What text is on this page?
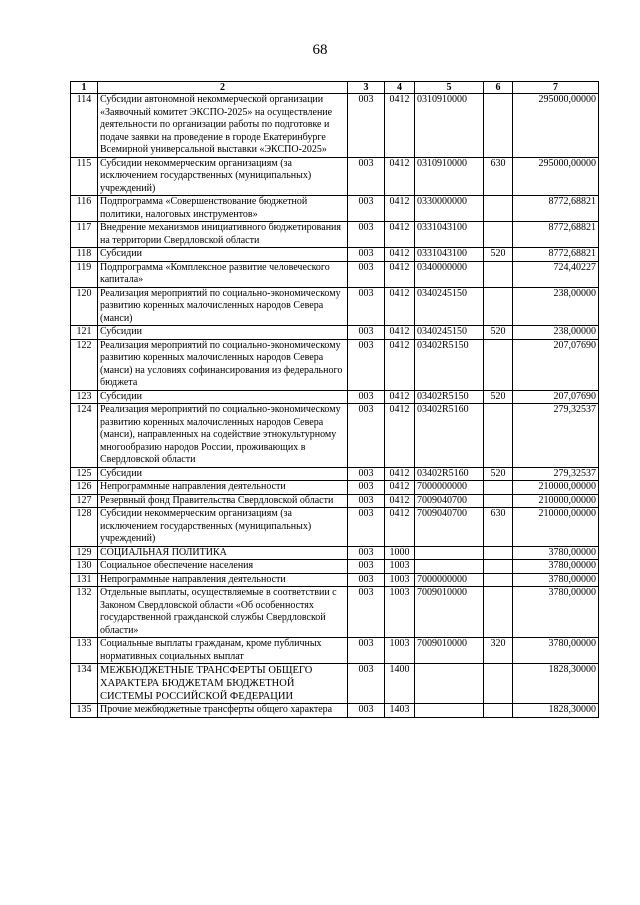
68
1	2	3	4	5	6	7
114	Субсидии автономной некоммерческой организации «Заявочный комитет ЭКСПО-2025» на осуществление деятельности по организации работы по подготовке и подаче заявки на проведение в городе Екатеринбурге Всемирной универсальной выставки «ЭКСПО-2025»	003	0412	0310910000		295000,00000
115	Субсидии некоммерческим организациям (за исключением государственных (муниципальных) учреждений)	003	0412	0310910000	630	295000,00000
116	Подпрограмма «Совершенствование бюджетной политики, налоговых инструментов»	003	0412	0330000000		8772,68821
117	Внедрение механизмов инициативного бюджетирования на территории Свердловской области	003	0412	0331043100		8772,68821
118	Субсидии	003	0412	0331043100	520	8772,68821
119	Подпрограмма «Комплексное развитие человеческого капитала»	003	0412	0340000000		724,40227
120	Реализация мероприятий по социально-экономическому развитию коренных малочисленных народов Севера (манси)	003	0412	0340245150		238,00000
121	Субсидии	003	0412	0340245150	520	238,00000
122	Реализация мероприятий по социально-экономическому развитию коренных малочисленных народов Севера (манси) на условиях софинансирования из федерального бюджета	003	0412	03402R5150		207,07690
123	Субсидии	003	0412	03402R5150	520	207,07690
124	Реализация мероприятий по социально-экономическому развитию коренных малочисленных народов Севера (манси), направленных на содействие этнокультурному многообразию народов России, проживающих в Свердловской области	003	0412	03402R5160		279,32537
125	Субсидии	003	0412	03402R5160	520	279,32537
126	Непрограммные направления деятельности	003	0412	7000000000		210000,00000
127	Резервный фонд Правительства Свердловской области	003	0412	7009040700		210000,00000
128	Субсидии некоммерческим организациям (за исключением государственных (муниципальных) учреждений)	003	0412	7009040700	630	210000,00000
129	СОЦИАЛЬНАЯ ПОЛИТИКА	003	1000			3780,00000
130	Социальное обеспечение населения	003	1003			3780,00000
131	Непрограммные направления деятельности	003	1003	7000000000		3780,00000
132	Отдельные выплаты, осуществляемые в соответствии с Законом Свердловской области «Об особенностях государственной гражданской службы Свердловской области»	003	1003	7009010000		3780,00000
133	Социальные выплаты гражданам, кроме публичных нормативных социальных выплат	003	1003	7009010000	320	3780,00000
134	МЕЖБЮДЖЕТНЫЕ ТРАНСФЕРТЫ ОБЩЕГО ХАРАКТЕРА БЮДЖЕТАМ БЮДЖЕТНОЙ СИСТЕМЫ РОССИЙСКОЙ ФЕДЕРАЦИИ	003	1400			1828,30000
135	Прочие межбюджетные трансферты общего характера	003	1403			1828,30000
